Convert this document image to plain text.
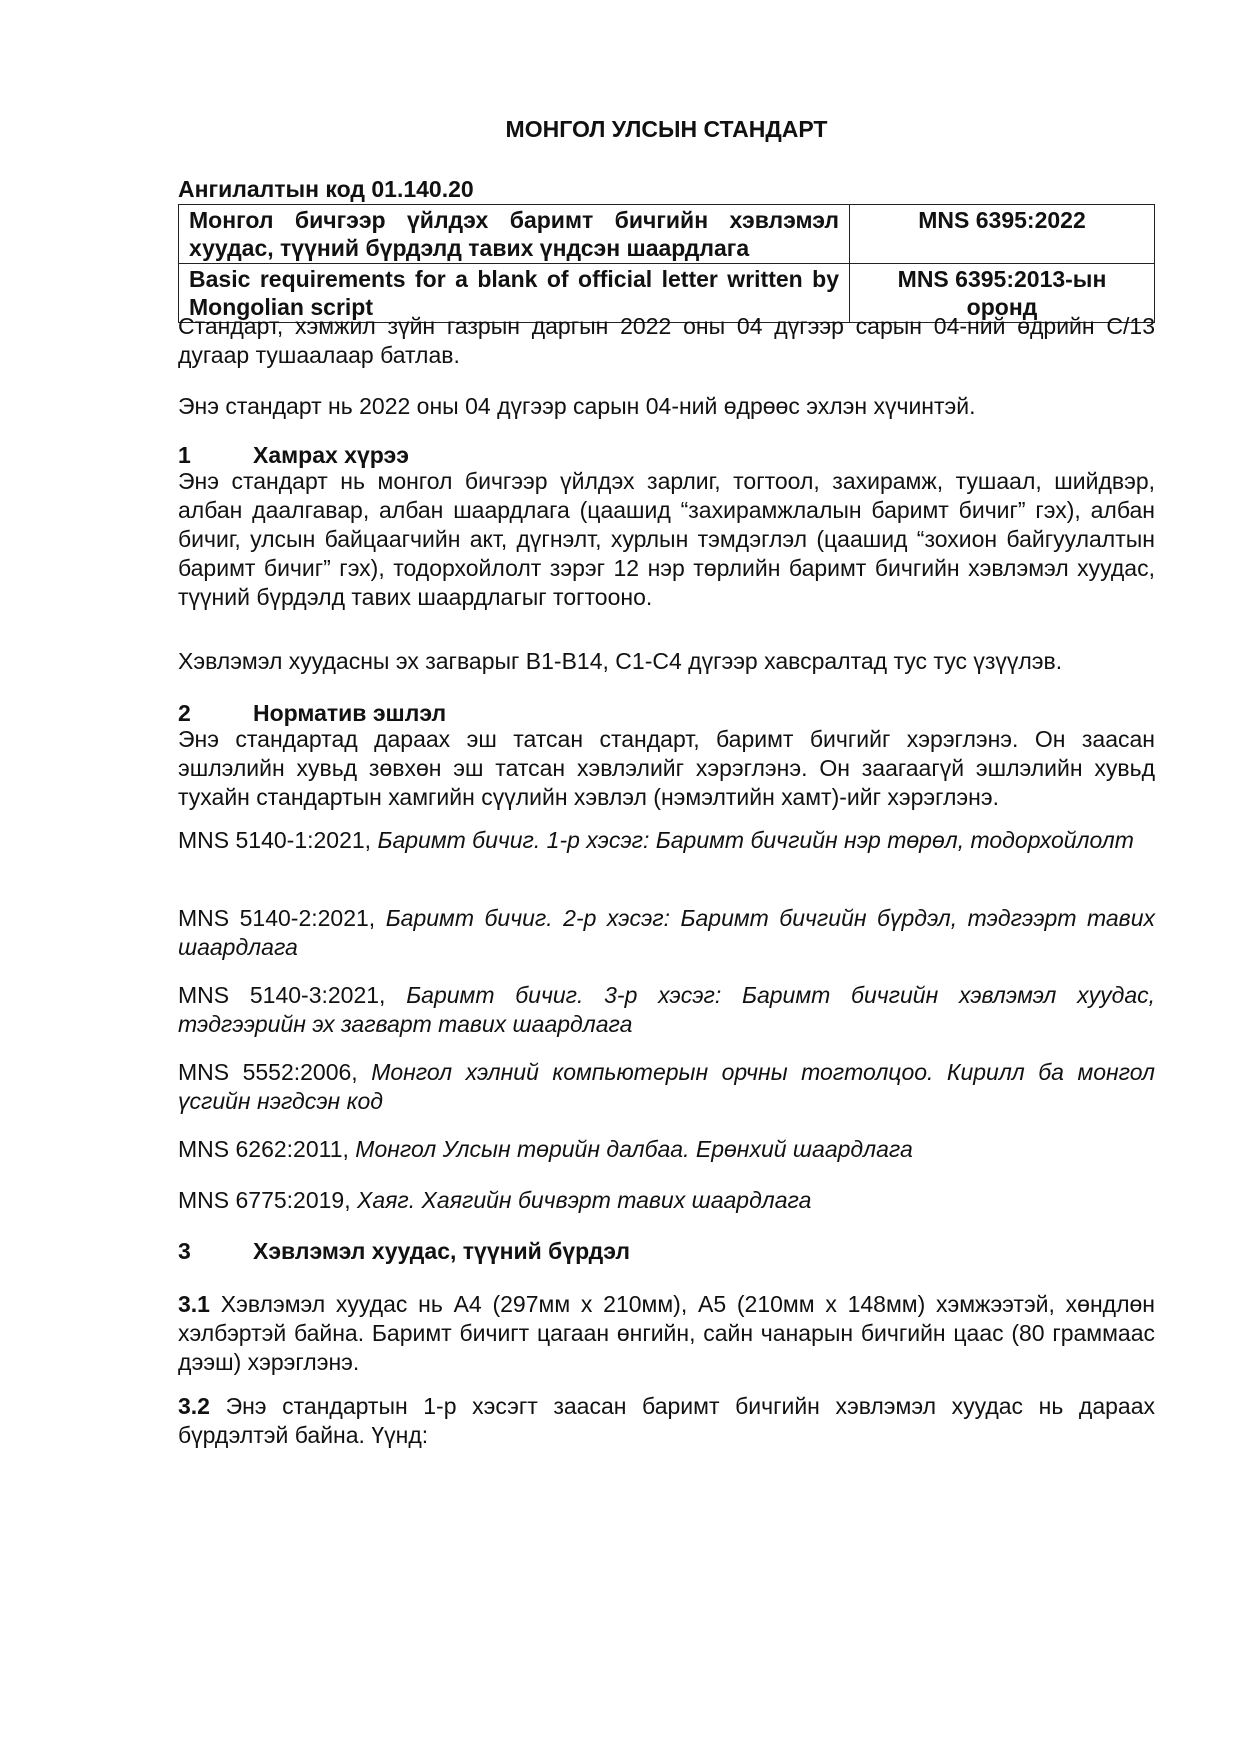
МОНГОЛ УЛСЫН СТАНДАРТ
Ангилалтын код 01.140.20
Монгол бичгээр үйлдэх баримт бичгийн хэвлэмэл хуудас, түүний бүрдэлд тавих үндсэн шаардлага	MNS 6395:2022
Basic requirements for a blank of official letter written by Mongolian script	MNS 6395:2013-ын оронд
Стандарт, хэмжил зүйн газрын даргын 2022 оны 04 дүгээр сарын 04-ний өдрийн С/13 дугаар тушаалаар батлав.
Энэ стандарт нь 2022 оны 04 дүгээр сарын 04-ний өдрөөс эхлэн хүчинтэй.
1	Хамрах хүрээ
Энэ стандарт нь монгол бичгээр үйлдэх зарлиг, тогтоол, захирамж, тушаал, шийдвэр, албан даалгавар, албан шаардлага (цаашид “захирамжлалын баримт бичиг” гэх), албан бичиг, улсын байцаагчийн акт, дүгнэлт, хурлын тэмдэглэл (цаашид “зохион байгуулалтын баримт бичиг” гэх), тодорхойлолт зэрэг 12 нэр төрлийн баримт бичгийн хэвлэмэл хуудас, түүний бүрдэлд тавих шаардлагыг тогтооно.
Хэвлэмэл хуудасны эх загварыг B1-B14, C1-C4 дүгээр хавсралтад тус тус үзүүлэв.
2	Норматив эшлэл
Энэ стандартад дараах эш татсан стандарт, баримт бичгийг хэрэглэнэ. Он заасан эшлэлийн хувьд зөвхөн эш татсан хэвлэлийг хэрэглэнэ. Он заагаагүй эшлэлийн хувьд тухайн стандартын хамгийн сүүлийн хэвлэл (нэмэлтийн хамт)-ийг хэрэглэнэ.
MNS 5140-1:2021, Баримт бичиг. 1-р хэсэг: Баримт бичгийн нэр төрөл, тодорхойлолт
MNS 5140-2:2021, Баримт бичиг. 2-р хэсэг: Баримт бичгийн бүрдэл, тэдгээрт тавих шаардлага
MNS 5140-3:2021, Баримт бичиг. 3-р хэсэг: Баримт бичгийн хэвлэмэл хуудас, тэдгээрийн эх загварт тавих шаардлага
MNS 5552:2006, Монгол хэлний компьютерын орчны тогтолцоо. Кирилл ба монгол үсгийн нэгдсэн код
MNS 6262:2011, Монгол Улсын төрийн далбаа. Ерөнхий шаардлага
MNS 6775:2019, Хаяг. Хаягийн бичвэрт тавих шаардлага
3	Хэвлэмэл хуудас, түүний бүрдэл
3.1 Хэвлэмэл хуудас нь А4 (297мм x 210мм), А5 (210мм x 148мм) хэмжээтэй, хөндлөн хэлбэртэй байна. Баримт бичигт цагаан өнгийн, сайн чанарын бичгийн цаас (80 граммаас дээш) хэрэглэнэ.
3.2 Энэ стандартын 1-р хэсэгт заасан баримт бичгийн хэвлэмэл хуудас нь дараах бүрдэлтэй байна. Үүнд:
